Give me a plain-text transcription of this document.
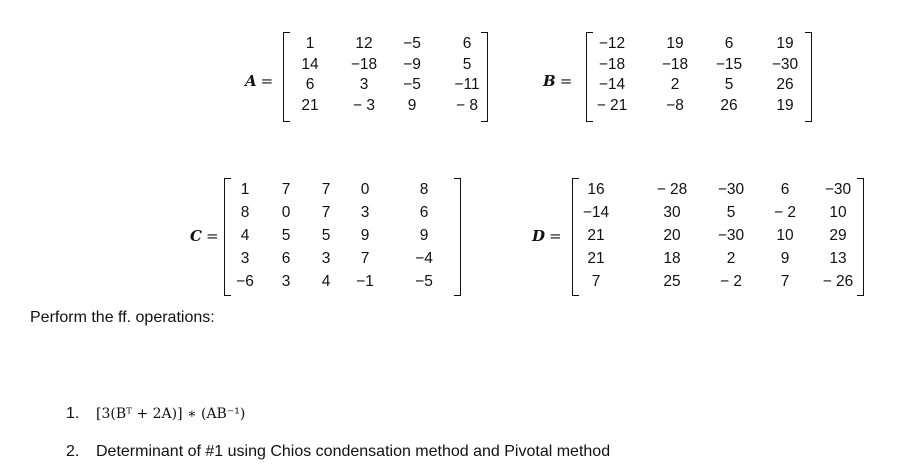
A =
1	12	−5	6
14	−18	−9	5
6	3	−5	−11
21	− 3	9	− 8
B =
−12	19	6	19
−18	−18	−15	−30
−14	2	5	26
− 21	−8	26	19
C =
1	7	7	0	8
8	0	7	3	6
4	5	5	9	9
3	6	3	7	−4
−6	3	4	−1	−5
D =
16	− 28	−30	6	−30
−14	30	5	− 2	10
21	20	−30	10	29
21	18	2	9	13
7	25	− 2	7	− 26
Perform the ff. operations:
1. [3(Bᵀ + 2A)] ∗ (AB⁻¹)
2. Determinant of #1 using Chios condensation method and Pivotal method
